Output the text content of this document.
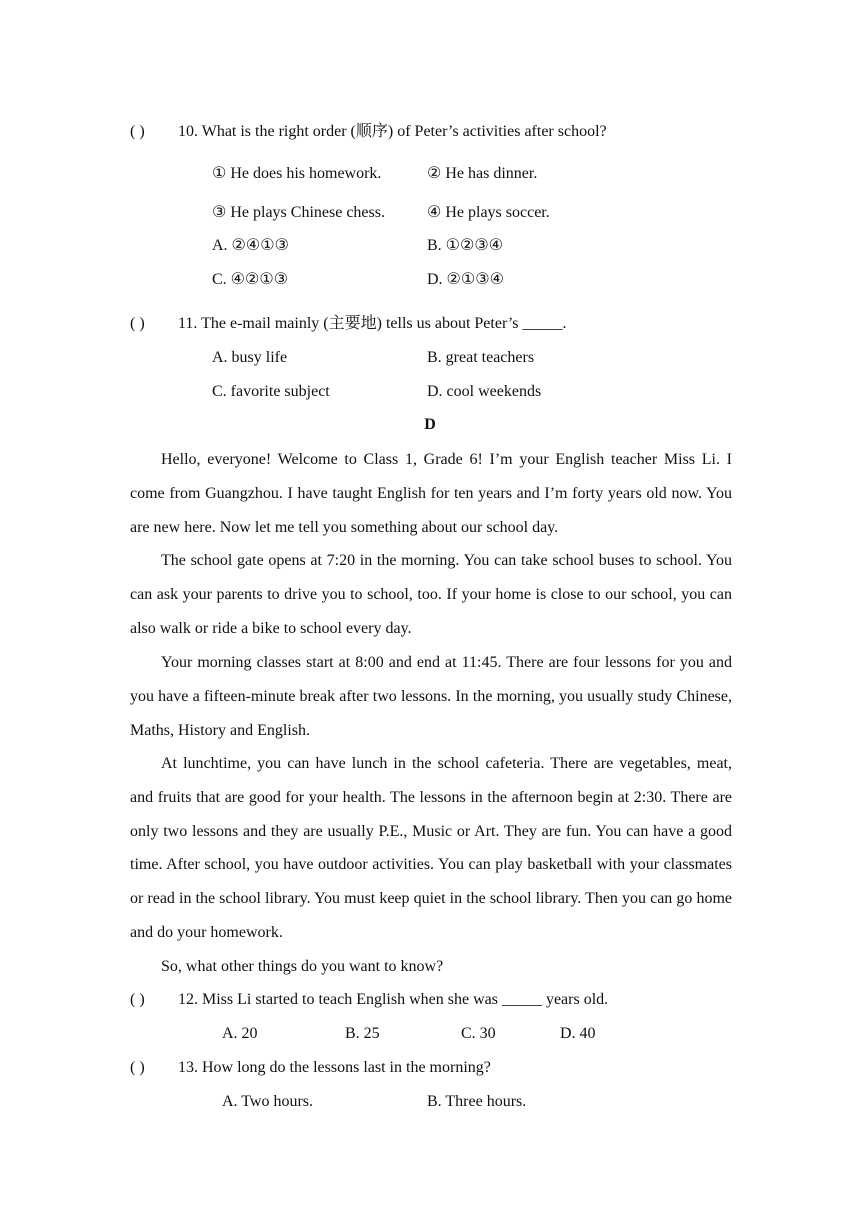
( )10. What is the right order (顺序) of Peter’s activities after school?
① He does his homework.	② He has dinner.
③ He plays Chinese chess.	④ He plays soccer.
A. ②④①③	B. ①②③④
C. ④②①③	D. ②①③④
( )11. The e-mail mainly (主要地) tells us about Peter’s _____.
A. busy life	B. great teachers
C. favorite subject	D. cool weekends
D

Hello, everyone! Welcome to Class 1, Grade 6! I’m your English teacher Miss Li. I come from Guangzhou. I have taught English for ten years and I’m forty years old now. You are new here. Now let me tell you something about our school day.

The school gate opens at 7:20 in the morning. You can take school buses to school. You can ask your parents to drive you to school, too. If your home is close to our school, you can also walk or ride a bike to school every day.

Your morning classes start at 8:00 and end at 11:45. There are four lessons for you and you have a fifteen-minute break after two lessons. In the morning, you usually study Chinese, Maths, History and English.

At lunchtime, you can have lunch in the school cafeteria. There are vegetables, meat, and fruits that are good for your health. The lessons in the afternoon begin at 2:30. There are only two lessons and they are usually P.E., Music or Art. They are fun. You can have a good time. After school, you have outdoor activities. You can play basketball with your classmates or read in the school library. You must keep quiet in the school library. Then you can go home and do your homework.

So, what other things do you want to know?

( )12. Miss Li started to teach English when she was _____ years old.
A. 20	B. 25	C. 30	D. 40
( )13. How long do the lessons last in the morning?
A. Two hours.	B. Three hours.
